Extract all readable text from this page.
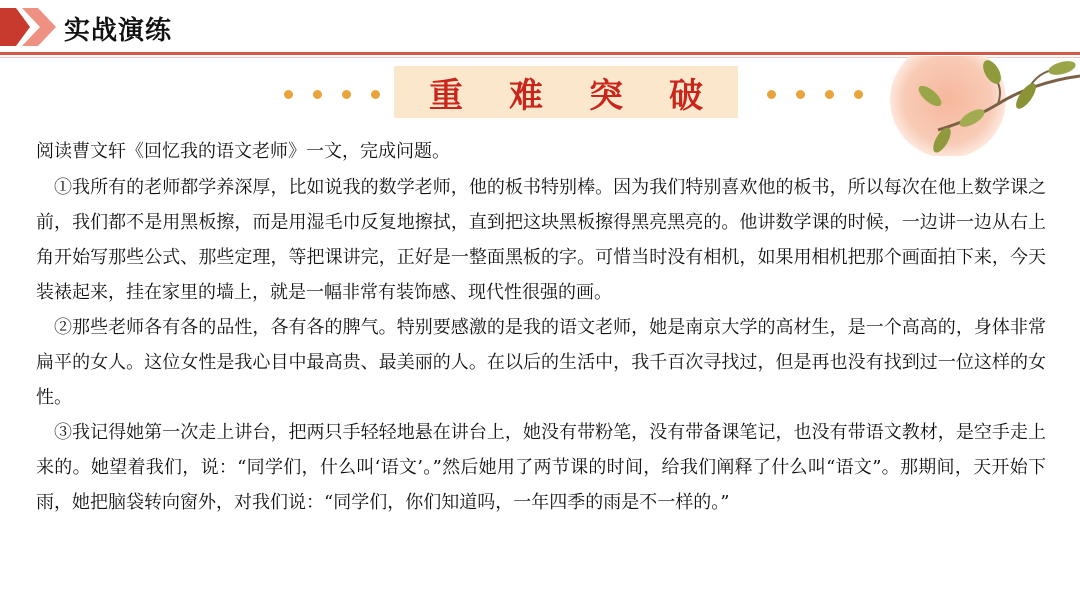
实战演练
重难突破

阅读曹文轩《回忆我的语文老师》一文，完成问题。

①我所有的老师都学养深厚，比如说我的数学老师，他的板书特别棒。因为我们特别喜欢他的板书，所以每次在他上数学课之前，我们都不是用黑板擦，而是用湿毛巾反复地擦拭，直到把这块黑板擦得黑亮黑亮的。他讲数学课的时候，一边讲一边从右上角开始写那些公式、那些定理，等把课讲完，正好是一整面黑板的字。可惜当时没有相机，如果用相机把那个画面拍下来，今天装裱起来，挂在家里的墙上，就是一幅非常有装饰感、现代性很强的画。

②那些老师各有各的品性，各有各的脾气。特别要感激的是我的语文老师，她是南京大学的高材生，是一个高高的，身体非常扁平的女人。这位女性是我心目中最高贵、最美丽的人。在以后的生活中，我千百次寻找过，但是再也没有找到过一位这样的女性。

③我记得她第一次走上讲台，把两只手轻轻地悬在讲台上，她没有带粉笔，没有带备课笔记，也没有带语文教材，是空手走上来的。她望着我们，说：“同学们，什么叫‘语文’。”然后她用了两节课的时间，给我们阐释了什么叫“语文”。那期间，天开始下雨，她把脑袋转向窗外，对我们说：“同学们，你们知道吗，一年四季的雨是不一样的。”
